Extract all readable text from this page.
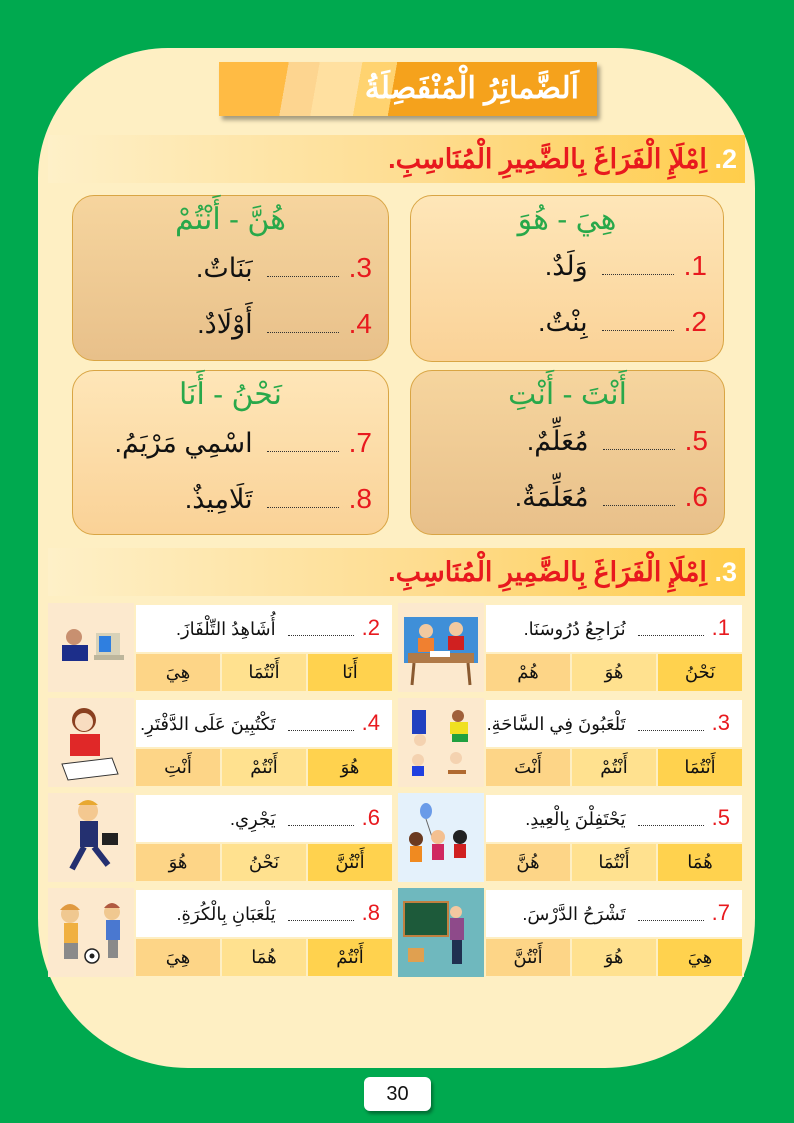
اَلضَّمائِرُ الْمُنْفَصِلَةُ
2. اِمْلَإِ الْفَرَاغَ بِالضَّمِيرِ الْمُنَاسِبِ.
هِيَ - هُوَ
1.وَلَدٌ.
2.بِنْتٌ.
هُنَّ - أَنْتُمْ
3.بَنَاتٌ.
4.أَوْلَادٌ.
أَنْتَ - أَنْتِ
5.مُعَلِّمٌ.
6.مُعَلِّمَةٌ.
نَحْنُ - أَنَا
7.اسْمِي مَرْيَمُ.
8.تَلَامِيذٌ.
3. اِمْلَإِ الْفَرَاغَ بِالضَّمِيرِ الْمُنَاسِبِ.
1.نُرَاجِعُ دُرُوسَنَا.
نَحْنُ
هُوَ
هُمْ
2.أُشَاهِدُ التِّلْفَازَ.
أَنَا
أَنْتُمَا
هِيَ
3.تَلْعَبُونَ فِي السَّاحَةِ.
أَنْتُمَا
أَنْتُمْ
أَنْتَ
4.تَكْتُبِينَ عَلَى الدَّفْتَرِ.
هُوَ
أَنْتُمْ
أَنْتِ
5.يَحْتَفِلْنَ بِالْعِيدِ.
هُمَا
أَنْتُمَا
هُنَّ
6.يَجْرِي.
أَنْتُنَّ
نَحْنُ
هُوَ
7.تَشْرَحُ الدَّرْسَ.
هِيَ
هُوَ
أَنْتُنَّ
8.يَلْعَبَانِ بِالْكُرَةِ.
أَنْتُمْ
هُمَا
هِيَ
30
